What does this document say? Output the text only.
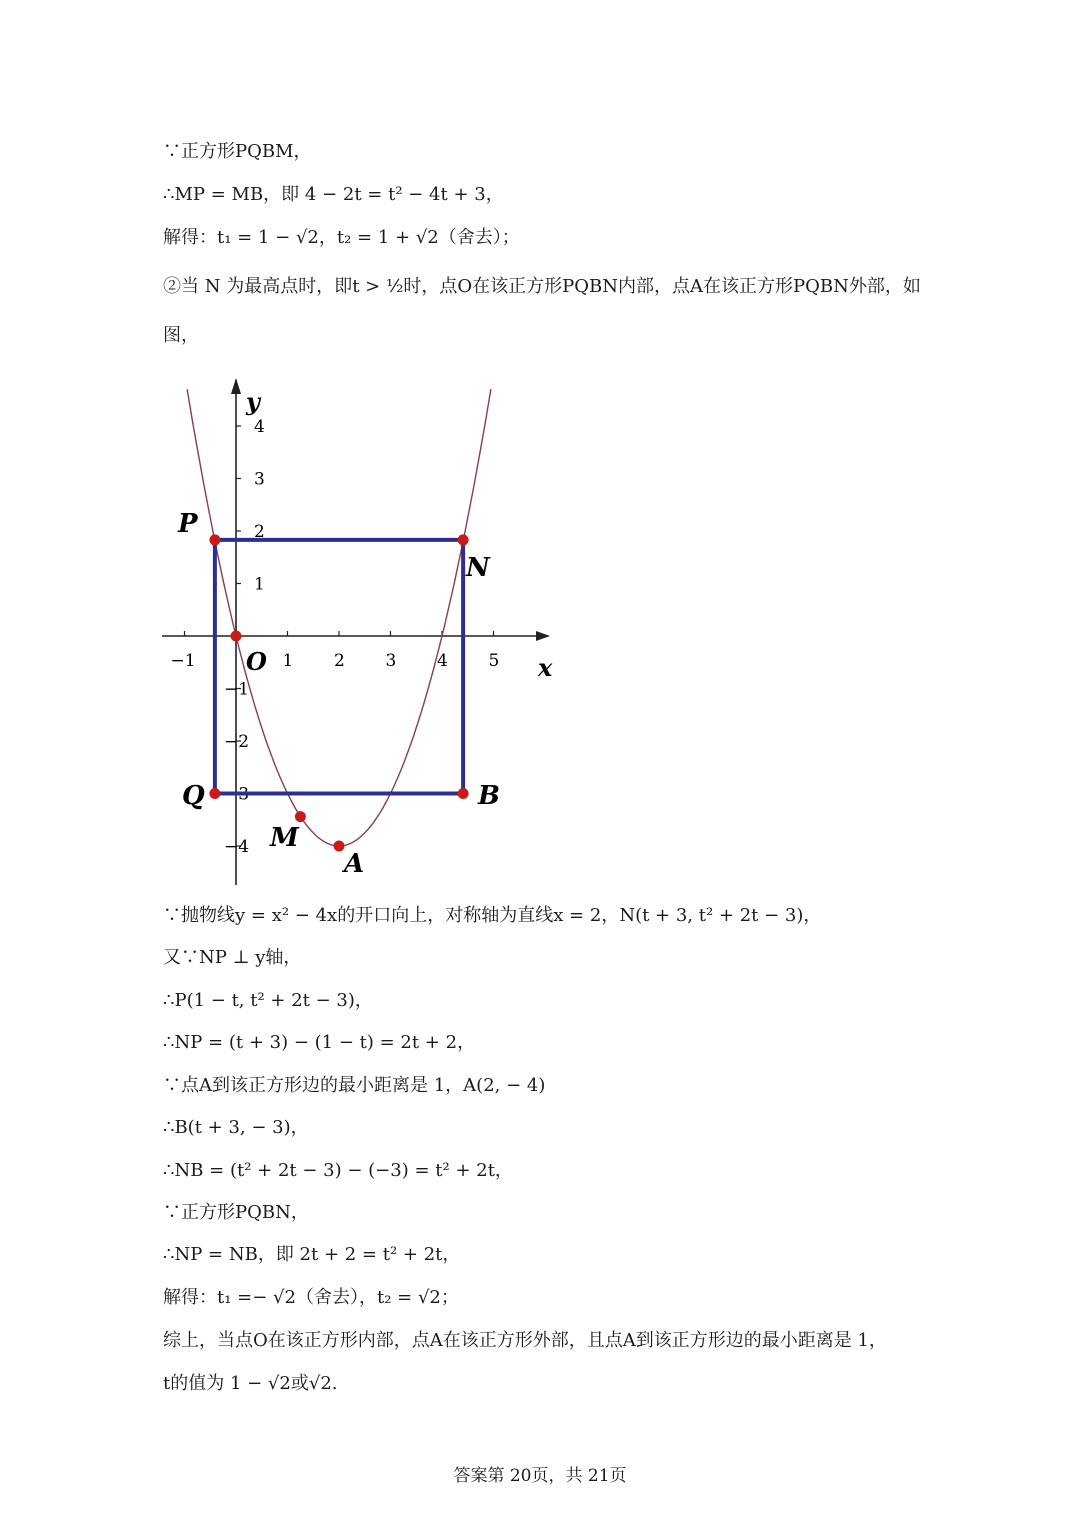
∵正方形PQBM，
∴MP = MB，即 4 − 2t = t² − 4t + 3，
解得：t₁ = 1 − √2，t₂ = 1 + √2（舍去）；
②当 N 为最高点时，即t > ½时，点O在该正方形PQBN内部，点A在该正方形PQBN外部，如
图，
−1	1 2 3 4 5
4
3
2
1
−1
−2
−3
−4
x
y
O
P
N
Q	B
M
A
∵抛物线y = x² − 4x的开口向上，对称轴为直线x = 2，N(t + 3, t² + 2t − 3)，
又∵NP ⊥ y轴，
∴P(1 − t, t² + 2t − 3)，
∴NP = (t + 3) − (1 − t) = 2t + 2，
∵点A到该正方形边的最小距离是 1，A(2, − 4)
∴B(t + 3, − 3)，
∴NB = (t² + 2t − 3) − (−3) = t² + 2t，
∵正方形PQBN，
∴NP = NB，即 2t + 2 = t² + 2t，
解得：t₁ =− √2（舍去），t₂ = √2；
综上，当点O在该正方形内部，点A在该正方形外部，且点A到该正方形边的最小距离是 1，
t的值为 1 − √2或√2.
答案第 20页，共 21页
